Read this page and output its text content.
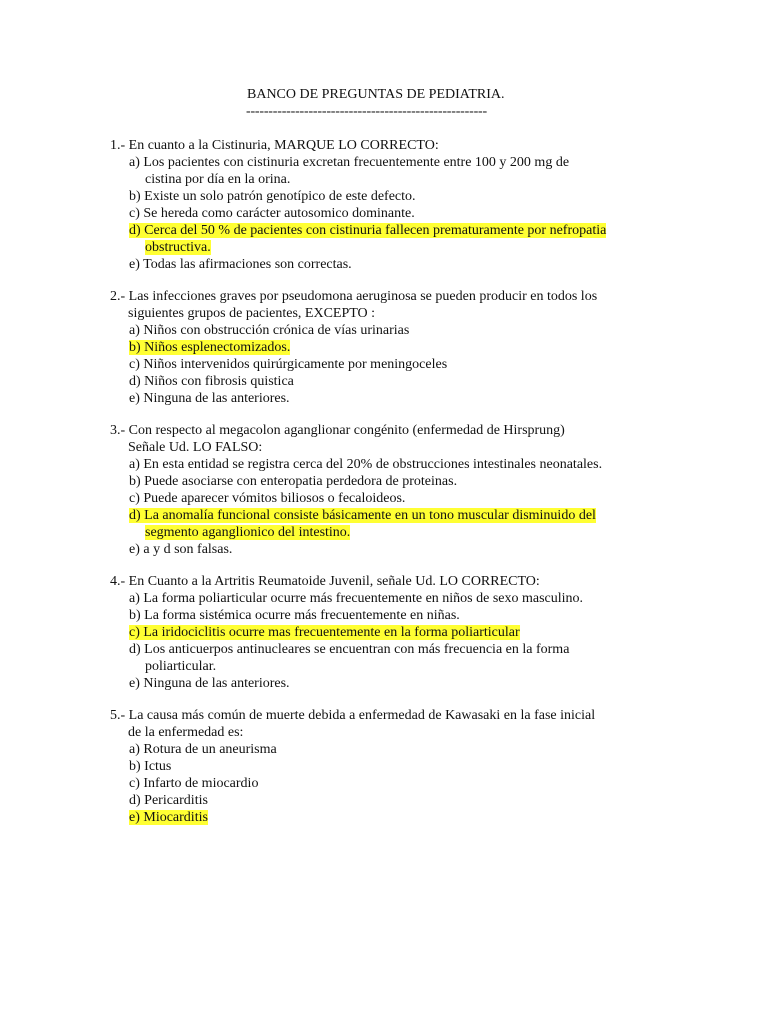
BANCO DE PREGUNTAS DE PEDIATRIA.
------------------------------------------------------
1.- En cuanto a la Cistinuria, MARQUE LO CORRECTO:
a) Los pacientes con cistinuria excretan frecuentemente entre 100 y 200 mg de
cistina por día en la orina.
b) Existe un solo patrón genotípico de este defecto.
c) Se hereda como carácter autosomico dominante.
d) Cerca del 50 % de pacientes con cistinuria fallecen prematuramente por nefropatia
obstructiva.
e) Todas las afirmaciones son correctas.
2.- Las infecciones graves por pseudomona aeruginosa se pueden producir en todos los
siguientes grupos de pacientes, EXCEPTO :
a) Niños con obstrucción crónica de vías urinarias
b) Niños esplenectomizados.
c) Niños intervenidos quirúrgicamente por meningoceles
d) Niños con fibrosis quistica
e) Ninguna de las anteriores.
3.- Con respecto al megacolon aganglionar congénito (enfermedad de Hirsprung)
Señale Ud. LO FALSO:
a) En esta entidad se registra cerca del 20% de obstrucciones intestinales neonatales.
b) Puede asociarse con enteropatia perdedora de proteinas.
c) Puede aparecer vómitos biliosos o fecaloideos.
d) La anomalía funcional consiste básicamente en un tono muscular disminuido del
segmento aganglionico del intestino.
e) a y d son falsas.
4.- En Cuanto a la Artritis Reumatoide Juvenil, señale Ud. LO CORRECTO:
a) La forma poliarticular ocurre más frecuentemente en niños de sexo masculino.
b) La forma sistémica ocurre más frecuentemente en niñas.
c) La iridociclitis ocurre mas frecuentemente en la forma poliarticular
d) Los anticuerpos antinucleares se encuentran con más frecuencia en la forma
poliarticular.
e) Ninguna de las anteriores.
5.- La causa más común de muerte debida a enfermedad de Kawasaki en la fase inicial
de la enfermedad es:
a) Rotura de un aneurisma
b) Ictus
c) Infarto de miocardio
d) Pericarditis
e) Miocarditis
